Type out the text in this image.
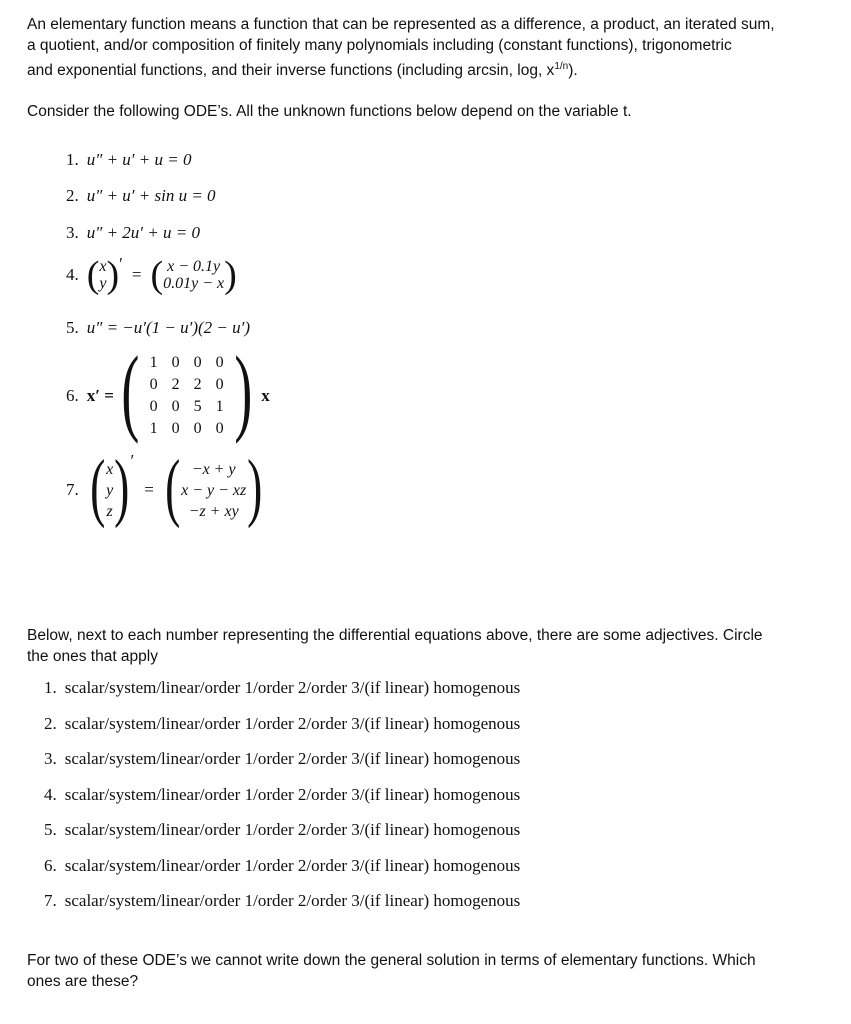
An elementary function means a function that can be represented as a difference, a product, an iterated sum,
a quotient, and/or composition of finitely many polynomials including (constant functions), trigonometric
and exponential functions, and their inverse functions (including arcsin, log, $x^{1/n}$).
Consider the following ODE’s. All the unknown functions below depend on the variable t.
1. u″ + u′ + u = 0
2. u″ + u′ + sin u = 0
3. u″ + 2u′ + u = 0
4. ( x
y ) ′
= ( x − 0.1y
0.01y − x )
5. u″ = −u′(1 − u′)(2 − u′)
6. x′ = ( 1 0 0 0
0 2 2 0
0 0 5 1
1 0 0 0 ) x
7. ( x
y
z ) ′
= ( −x + y
x − y − xz
−z + xy )
Below, next to each number representing the differential equations above, there are some adjectives. Circle
the ones that apply
1. scalar/system/linear/order 1/order 2/order 3/(if linear) homogenous
2. scalar/system/linear/order 1/order 2/order 3/(if linear) homogenous
3. scalar/system/linear/order 1/order 2/order 3/(if linear) homogenous
4. scalar/system/linear/order 1/order 2/order 3/(if linear) homogenous
5. scalar/system/linear/order 1/order 2/order 3/(if linear) homogenous
6. scalar/system/linear/order 1/order 2/order 3/(if linear) homogenous
7. scalar/system/linear/order 1/order 2/order 3/(if linear) homogenous
For two of these ODE’s we cannot write down the general solution in terms of elementary functions. Which
ones are these?
